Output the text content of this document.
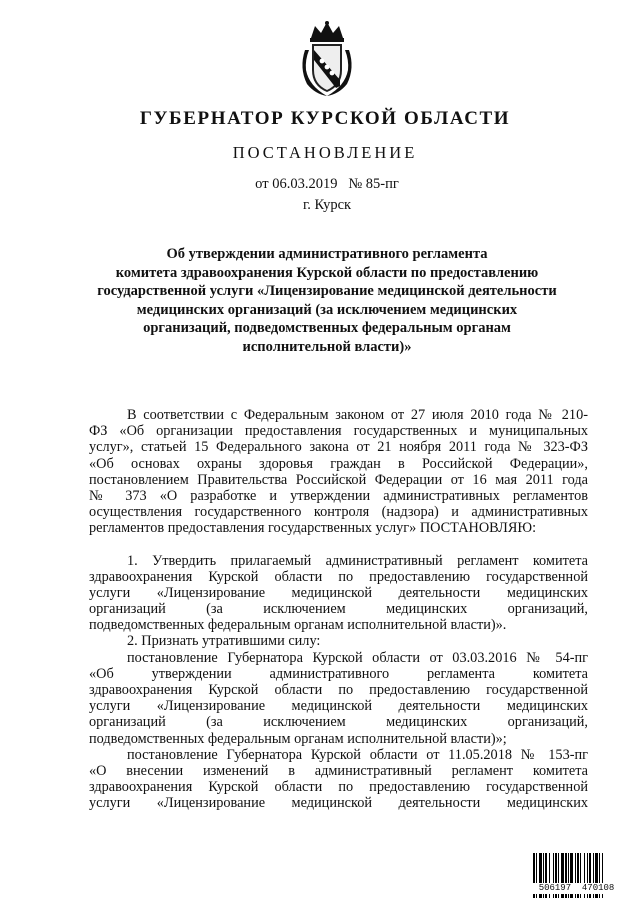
ГУБЕРНАТОР КУРСКОЙ ОБЛАСТИ
ПОСТАНОВЛЕНИЕ
от 06.03.2019   № 85-пг
г. Курск
Об утверждении административного регламента
комитета здравоохранения Курской области по предоставлению
государственной услуги «Лицензирование медицинской деятельности
медицинских организаций (за исключением медицинских
организаций, подведомственных федеральным органам
исполнительной власти)»
В соответствии с Федеральным законом от 27 июля 2010 года № 210-
ФЗ «Об организации предоставления государственных и муниципальных
услуг», статьей 15 Федерального закона от 21 ноября 2011 года № 323-ФЗ
«Об основах охраны здоровья граждан в Российской Федерации»,
постановлением Правительства Российской Федерации от 16 мая 2011 года
№ 373 «О разработке и утверждении административных регламентов
осуществления государственного контроля (надзора) и административных
регламентов предоставления государственных услуг» ПОСТАНОВЛЯЮ:
1. Утвердить прилагаемый административный регламент комитета
здравоохранения Курской области по предоставлению государственной
услуги «Лицензирование медицинской деятельности медицинских
организаций (за исключением медицинских организаций,
подведомственных федеральным органам исполнительной власти)».
2. Признать утратившими силу:
постановление Губернатора Курской области от 03.03.2016 № 54-пг
«Об утверждении административного регламента комитета
здравоохранения Курской области по предоставлению государственной
услуги «Лицензирование медицинской деятельности медицинских
организаций (за исключением медицинских организаций,
подведомственных федеральным органам исполнительной власти)»;
постановление Губернатора Курской области от 11.05.2018 № 153-пг
«О внесении изменений в административный регламент комитета
здравоохранения Курской области по предоставлению государственной
услуги «Лицензирование медицинской деятельности медицинских
506197  470108
